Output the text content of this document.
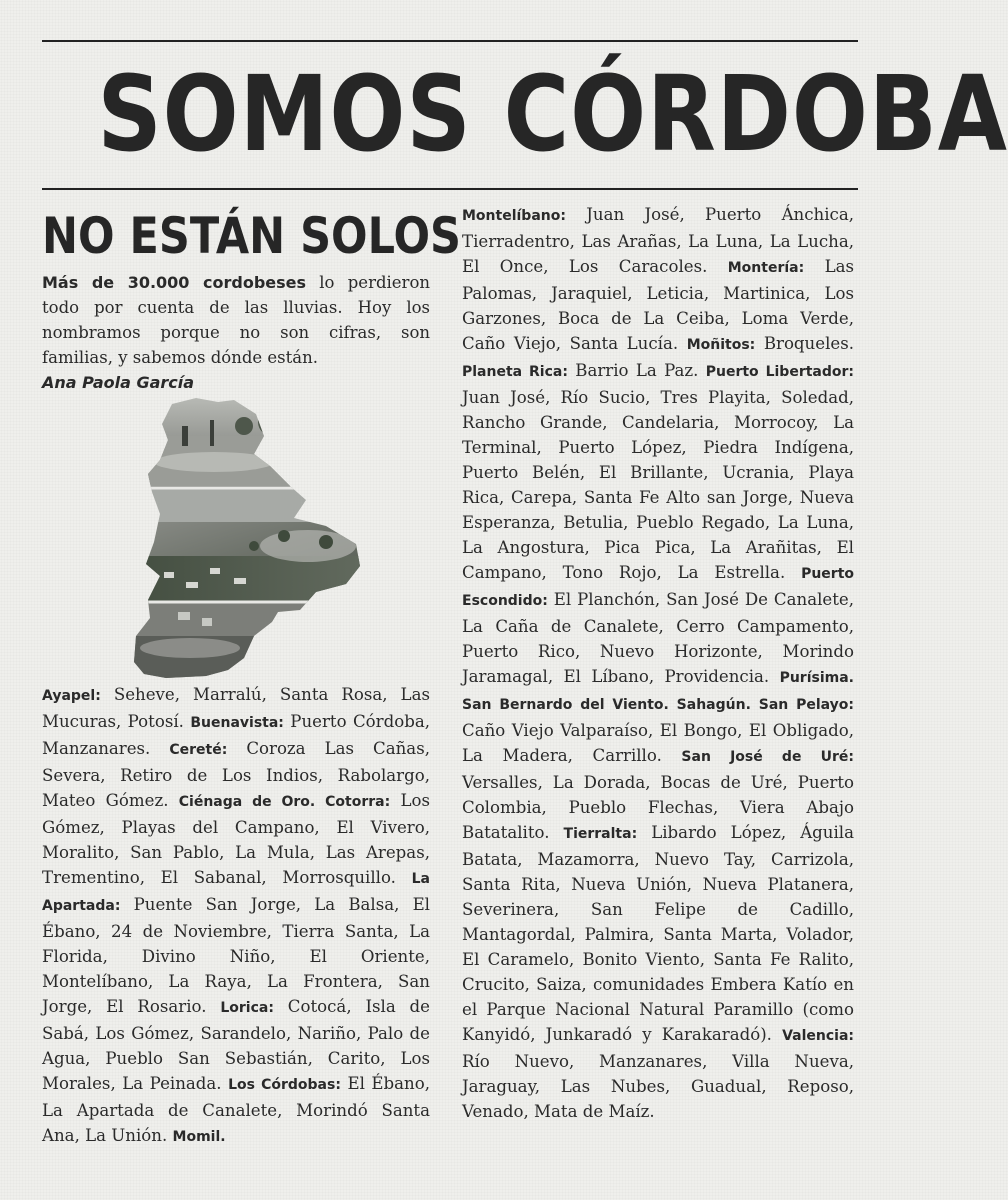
SOMOS CÓRDOBA
NO ESTÁN SOLOS

Más de 30.000 cordobeses lo perdieron todo por cuenta de las lluvias. Hoy los nombramos porque no son cifras, son familias, y sabemos dónde están.

Ana Paola García

Ayapel: Seheve, Marralú, Santa Rosa, Las Mucuras, Potosí. Buenavista: Puerto Córdoba, Manzanares. Cereté: Coroza Las Cañas, Severa, Retiro de Los Indios, Rabolargo, Mateo Gómez. Ciénaga de Oro. Cotorra: Los Gómez, Playas del Campano, El Vivero, Moralito, San Pablo, La Mula, Las Arepas, Trementino, El Sabanal, Morrosquillo. La Apartada: Puente San Jorge, La Balsa, El Ébano, 24 de Noviembre, Tierra Santa, La Florida, Divino Niño, El Oriente, Montelíbano, La Raya, La Frontera, San Jorge, El Rosario. Lorica: Cotocá, Isla de Sabá, Los Gómez, Sarandelo, Nariño, Palo de Agua, Pueblo San Sebastián, Carito, Los Morales, La Peinada. Los Córdobas: El Ébano, La Apartada de Canalete, Morindó Santa Ana, La Unión. Momil.

Montelíbano: Juan José, Puerto Ánchica, Tierradentro, Las Arañas, La Luna, La Lucha, El Once, Los Caracoles. Montería: Las Palomas, Jaraquiel, Leticia, Martinica, Los Garzones, Boca de La Ceiba, Loma Verde, Caño Viejo, Santa Lucía. Moñitos: Broqueles. Planeta Rica: Barrio La Paz. Puerto Libertador: Juan José, Río Sucio, Tres Playita, Soledad, Rancho Grande, Candelaria, Morrocoy, La Terminal, Puerto López, Piedra Indígena, Puerto Belén, El Brillante, Ucrania, Playa Rica, Carepa, Santa Fe Alto san Jorge, Nueva Esperanza, Betulia, Pueblo Regado, La Luna, La Angostura, Pica Pica, La Arañitas, El Campano, Tono Rojo, La Estrella. Puerto Escondido: El Planchón, San José De Canalete, La Caña de Canalete, Cerro Campamento, Puerto Rico, Nuevo Horizonte, Morindo Jaramagal, El Líbano, Providencia. Purísima. San Bernardo del Viento. Sahagún. San Pelayo: Caño Viejo Valparaíso, El Bongo, El Obligado, La Madera, Carrillo. San José de Uré: Versalles, La Dorada, Bocas de Uré, Puerto Colombia, Pueblo Flechas, Viera Abajo Batatalito. Tierralta: Libardo López, Águila Batata, Mazamorra, Nuevo Tay, Carrizola, Santa Rita, Nueva Unión, Nueva Platanera, Severinera, San Felipe de Cadillo, Mantagordal, Palmira, Santa Marta, Volador, El Caramelo, Bonito Viento, Santa Fe Ralito, Crucito, Saiza, comunidades Embera Katío en el Parque Nacional Natural Paramillo (como Kanyidó, Junkaradó y Karakaradó). Valencia: Río Nuevo, Manzanares, Villa Nueva, Jaraguay, Las Nubes, Guadual, Reposo, Venado, Mata de Maíz.
